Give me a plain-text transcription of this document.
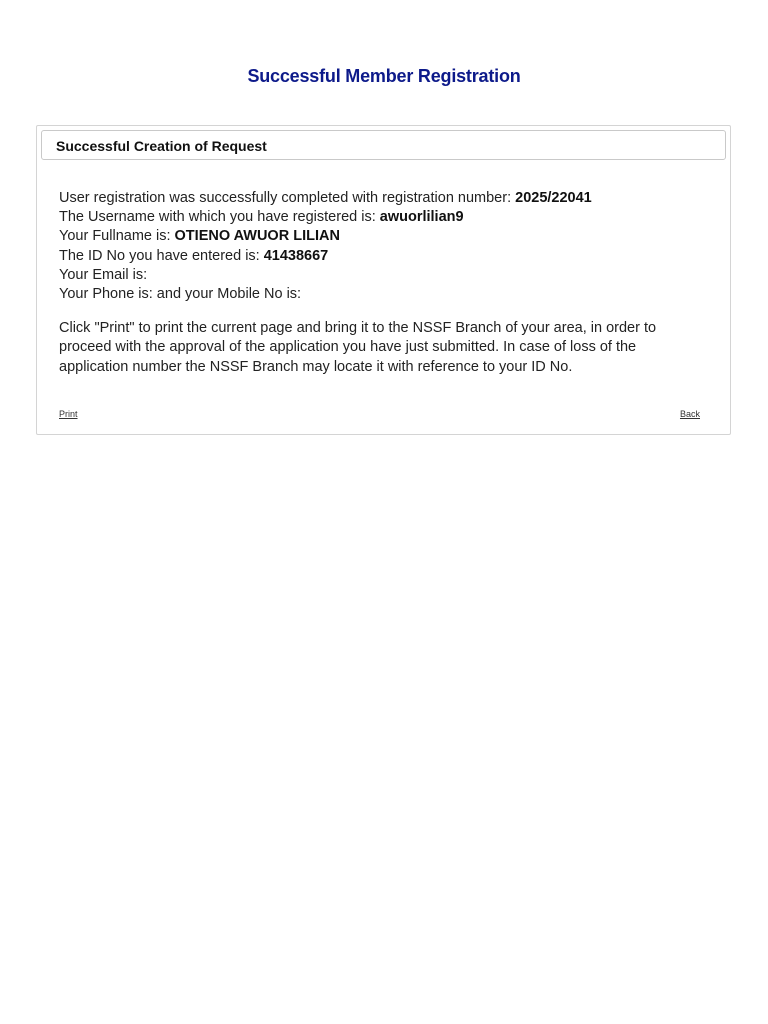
Successful Member Registration
Successful Creation of Request
User registration was successfully completed with registration number: 2025/22041
The Username with which you have registered is: awuorlilian9
Your Fullname is: OTIENO AWUOR LILIAN
The ID No you have entered is: 41438667
Your Email is:
Your Phone is: and your Mobile No is:
Click "Print" to print the current page and bring it to the NSSF Branch of your area, in order to proceed with the approval of the application you have just submitted. In case of loss of the application number the NSSF Branch may locate it with reference to your ID No.
Print	Back
